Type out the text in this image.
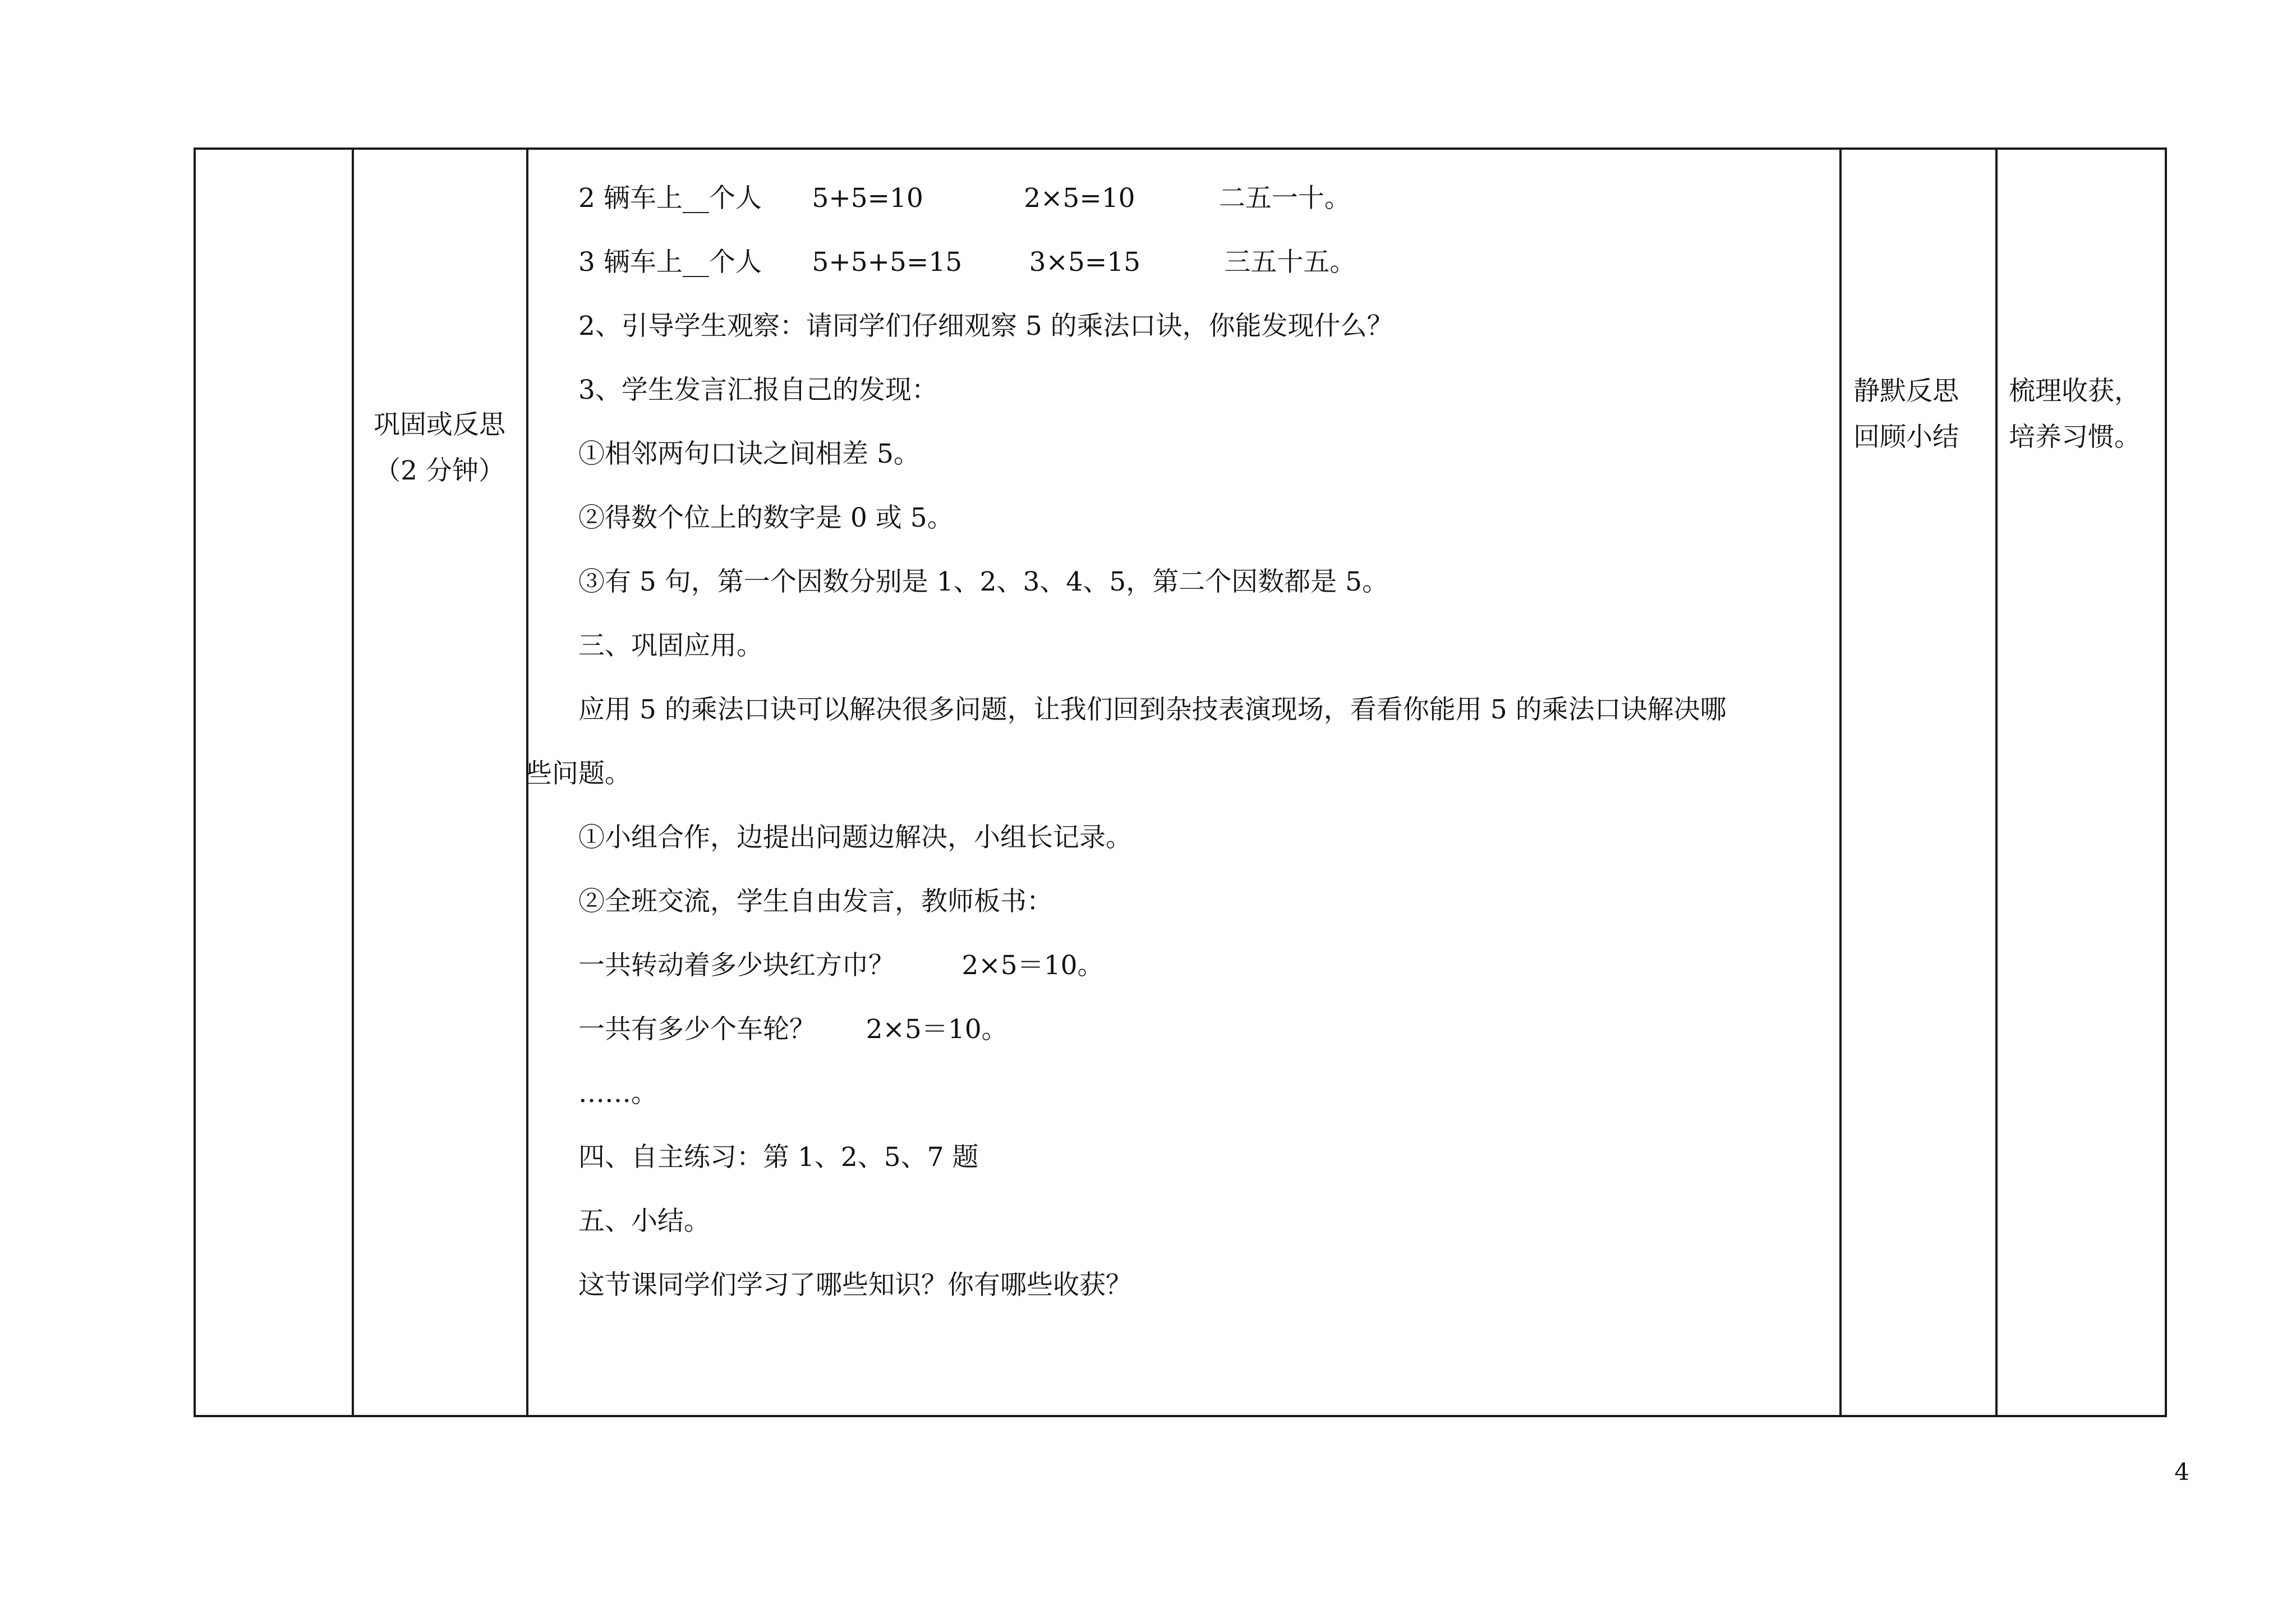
巩固或反思
（2 分钟）
2 辆车上__个人      5+5=10            2×5=10          二五一十。
3 辆车上__个人      5+5+5=15        3×5=15          三五十五。
2、引导学生观察：请同学们仔细观察 5 的乘法口诀，你能发现什么？
3、学生发言汇报自己的发现：
①相邻两句口诀之间相差 5。
②得数个位上的数字是 0 或 5。
③有 5 句，第一个因数分别是 1、2、3、4、5，第二个因数都是 5。
三、巩固应用。
应用 5 的乘法口诀可以解决很多问题，让我们回到杂技表演现场，看看你能用 5 的乘法口诀解决哪
些问题。
①小组合作，边提出问题边解决，小组长记录。
②全班交流，学生自由发言，教师板书：
一共转动着多少块红方巾？        2×5＝10。
一共有多少个车轮？      2×5＝10。
……。
四、自主练习：第 1、2、5、7 题
五、小结。
这节课同学们学习了哪些知识？你有哪些收获？
静默反思
回顾小结
梳理收获，
培养习惯。
4
